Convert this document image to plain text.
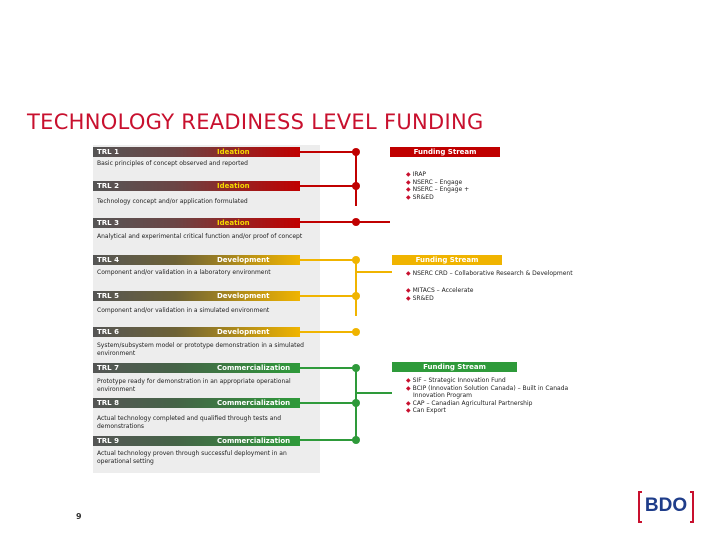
TECHNOLOGY READINESS LEVEL FUNDING
TRL 1	Ideation
Basic principles of concept observed and reported
TRL 2	Ideation
Technology concept and/or application formulated
TRL 3	Ideation
Analytical and experimental critical function and/or proof of concept
TRL 4	Development
Component and/or validation in a laboratory environment
TRL 5	Development
Component and/or validation in a simulated environment
TRL 6	Development
System/subsystem model or prototype demonstration in a simulated environment
TRL 7	Commercialization
Prototype ready for demonstration in an appropriate operational environment
TRL 8	Commercialization
Actual technology completed and qualified through tests and demonstrations
TRL 9	Commercialization
Actual technology proven through successful deployment in an operational setting
Funding Stream
◆ IRAP
◆ NSERC – Engage
◆ NSERC – Engage +
◆ SR&ED
Funding Stream
◆ NSERC CRD – Collaborative Research & Development
◆ MITACS – Accelerate
◆ SR&ED
Funding Stream
◆ SIF – Strategic Innovation Fund
◆ BCIP (Innovation Solution Canada) – Built in Canada Innovation Program
◆ CAP – Canadian Agricultural Partnership
◆ Can Export
9
BDO
